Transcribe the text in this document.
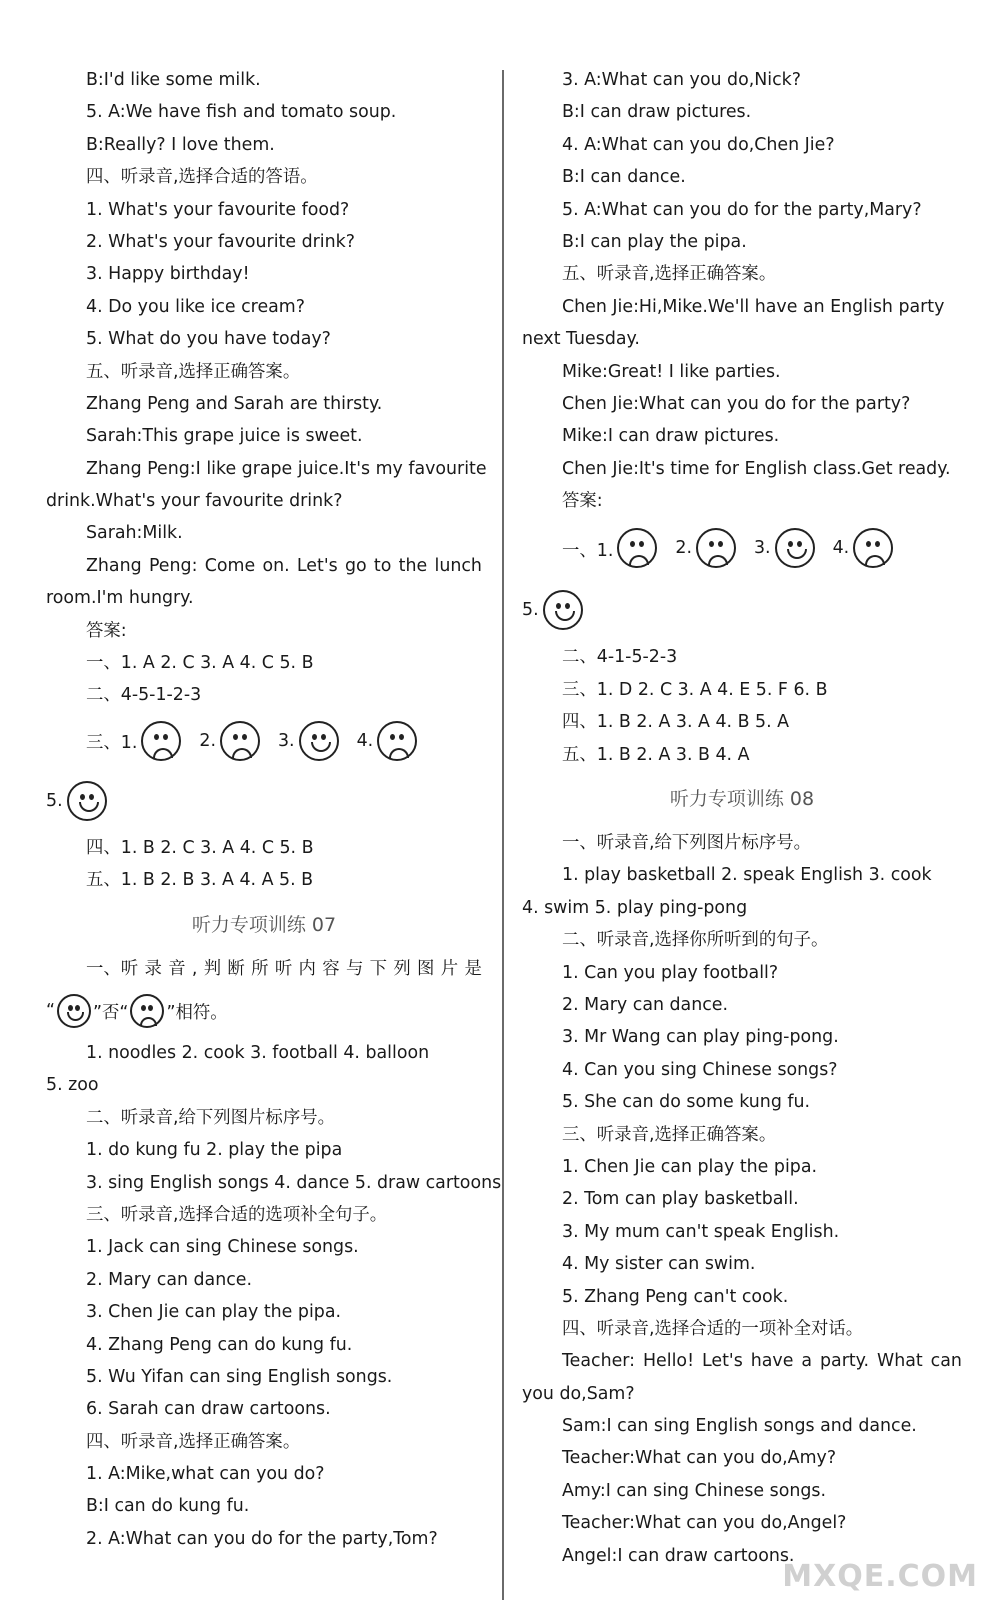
B:I'd like some milk.
5. A:We have fish and tomato soup.
B:Really? I love them.
四、听录音,选择合适的答语。
1. What's your favourite food?
2. What's your favourite drink?
3. Happy birthday!
4. Do you like ice cream?
5. What do you have today?
五、听录音,选择正确答案。
Zhang Peng and Sarah are thirsty.
Sarah:This grape juice is sweet.
Zhang Peng:I like grape juice.It's my favourite
drink.What's your favourite drink?
Sarah:Milk.
Zhang Peng: Come on. Let's go to the lunch
room.I'm hungry.
答案:
一、1. A 2. C 3. A 4. C 5. B
二、4-5-1-2-3
三、1.	2.	3.	4.
5.
四、1. B 2. C 3. A 4. C 5. B
五、1. B 2. B 3. A 4. A 5. B
听力专项训练 07
一、听 录 音 , 判 断 所 听 内 容 与 下 列 图 片 是
“ ”否“ ”相符。
1. noodles 2. cook 3. football 4. balloon
5. zoo
二、听录音,给下列图片标序号。
1. do kung fu 2. play the pipa
3. sing English songs 4. dance 5. draw cartoons
三、听录音,选择合适的选项补全句子。
1. Jack can sing Chinese songs.
2. Mary can dance.
3. Chen Jie can play the pipa.
4. Zhang Peng can do kung fu.
5. Wu Yifan can sing English songs.
6. Sarah can draw cartoons.
四、听录音,选择正确答案。
1. A:Mike,what can you do?
B:I can do kung fu.
2. A:What can you do for the party,Tom?
3. A:What can you do,Nick?
B:I can draw pictures.
4. A:What can you do,Chen Jie?
B:I can dance.
5. A:What can you do for the party,Mary?
B:I can play the pipa.
五、听录音,选择正确答案。
Chen Jie:Hi,Mike.We'll have an English party
next Tuesday.
Mike:Great! I like parties.
Chen Jie:What can you do for the party?
Mike:I can draw pictures.
Chen Jie:It's time for English class.Get ready.
答案:
一、1.	2.	3.	4.
5.
二、4-1-5-2-3
三、1. D 2. C 3. A 4. E 5. F 6. B
四、1. B 2. A 3. A 4. B 5. A
五、1. B 2. A 3. B 4. A
听力专项训练 08
一、听录音,给下列图片标序号。
1. play basketball 2. speak English 3. cook
4. swim 5. play ping-pong
二、听录音,选择你所听到的句子。
1. Can you play football?
2. Mary can dance.
3. Mr Wang can play ping-pong.
4. Can you sing Chinese songs?
5. She can do some kung fu.
三、听录音,选择正确答案。
1. Chen Jie can play the pipa.
2. Tom can play basketball.
3. My mum can't speak English.
4. My sister can swim.
5. Zhang Peng can't cook.
四、听录音,选择合适的一项补全对话。
Teacher: Hello! Let's have a party. What can
you do,Sam?
Sam:I can sing English songs and dance.
Teacher:What can you do,Amy?
Amy:I can sing Chinese songs.
Teacher:What can you do,Angel?
Angel:I can draw cartoons.
MXQE.COM
